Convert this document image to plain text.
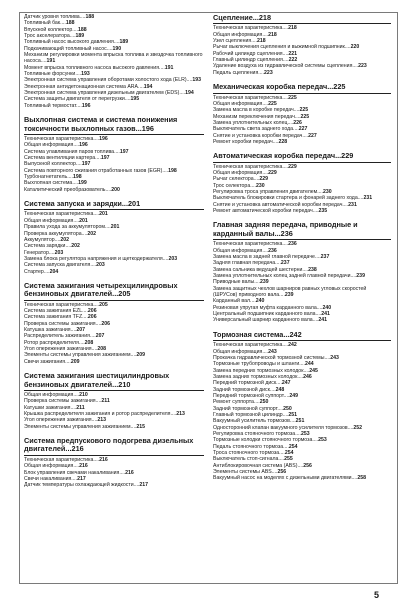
Датчик уровня топлива....188
Топливный бак....188
Впускной коллектор....188
Трос акселератора....189
Топливный насос высокого давления....189
Подкачивающий топливный насос....190
Механизм регулировки момента впрыска топлива и звездочка топливного насоса....191
Момент впрыска топливного насоса высокого давления....191
Топливные форсунки....193
Электронная система управления оборотами холостого хода (ELR)....193
Электронная антидетонационная система ARA....194
Электронная система управления дизельным двигателем (EDS)....194
Система защиты двигателя от перегрузки....195
Топливный термостат....196
Выхлопная система и система понижения токсичности выхлопных газов...196
Техническая характеристика....196
Общая информация....196
Система улавливания паров топлива....197
Система вентиляции картера....197
Выпускной коллектор....197
Система повторного сжигания отработанных газов (EGR)....198
Турбонагнетатель....198
Выхлопная система....199
Каталитический преобразователь....200
Система запуска и зарядки...201
Техническая характеристика....201
Общая информация....201
Правила ухода за аккумулятором....201
Проверка аккумулятора....202
Аккумулятор....202
Система зарядки....202
Генератор....203
Замена блока регулятора напряжения и щеткодержателя....203
Система запуска двигателя....203
Стартер....204
Система зажигания четырехцилиндровых бензиновых двигателей...205
Техническая характеристика....205
Система зажигания EZL....206
Система зажигания TFZ....206
Проверка системы зажигания....206
Катушка зажигания....207
Распределитель зажигания....207
Ротор распределителя....208
Угол опережения зажигания....208
Элементы системы управления зажиганием....209
Свечи зажигания....209
Система зажигания шестицилиндровых бензиновых двигателей...210
Общая информация....210
Проверка системы зажигания....211
Катушки зажигания....211
Крышка распределителя зажигания и ротор распределителя....213
Угол опережения зажигания....213
Элементы системы управления зажиганием....215
Система предпускового подогрева дизельных двигателей...216
Техническая характеристика....216
Общая информация....216
Блок управления свечами накаливания....216
Свечи накаливания....217
Датчик температуры охлаждающей жидкости....217
Сцепление...218
Техническая характеристика....218
Общая информация....218
Узел сцепления....218
Рычаг выключения сцепления и выжимной подшипник....220
Рабочий цилиндр сцепления....221
Главный цилиндр сцепления....222
Удаление воздуха из гидравлической системы сцепления....223
Педаль сцепления....223
Механическая коробка передач...225
Техническая характеристика....225
Общая информация....225
Замена масла в коробке передач....225
Механизм переключения передач....225
Замена уплотнительных колец....226
Выключатель света заднего хода....227
Снятие и установка коробки передач....227
Ремонт коробки передач....228
Автоматическая коробка передач...229
Техническая характеристика....229
Общая информация....229
Рычаг селектора....229
Трос селектора....230
Регулировка троса управления двигателем....230
Выключатель блокировки стартера и фонарей заднего хода....231
Снятие и установка автоматической коробки передач....231
Ремонт автоматической коробки передач....235
Главная задняя передача, приводные и карданный валы...236
Техническая характеристика....236
Общая информация....236
Замена масла в задней главной передаче....237
Задняя главная передача....237
Замена сальника ведущей шестерни....238
Замена уплотнительных колец задней главной передачи....239
Приводные валы....239
Замена защитных чехлов шарниров равных угловых скоростей (ШРУСов) приводного вала....239
Карданный вал....240
Резиновая упругая муфта карданного вала....240
Центральный подшипник карданного вала....241
Универсальный шарнир карданного вала....241
Тормозная система...242
Техническая характеристика....242
Общая информация....243
Прокачка гидравлической тормозной системы....243
Тормозные трубопроводы и шланги....244
Замена передних тормозных колодок....245
Замена задних тормозных колодок....246
Передний тормозной диск....247
Задний тормозной диск....248
Передний тормозной суппорт....249
Ремонт суппорта....250
Задний тормозной суппорт....250
Главный тормозной цилиндр....251
Вакуумный усилитель тормозов....251
Односторонний клапан вакуумного усилителя тормозов....252
Регулировка стояночного тормоза....253
Тормозные колодки стояночного тормоза....253
Педаль стояночного тормоза....254
Троса стояночного тормоза....254
Выключатель стоп-сигнала....255
Антиблокировочная система (ABS)....256
Элементы системы ABS....256
Вакуумный насос на моделях с дизельными двигателями....258
5
